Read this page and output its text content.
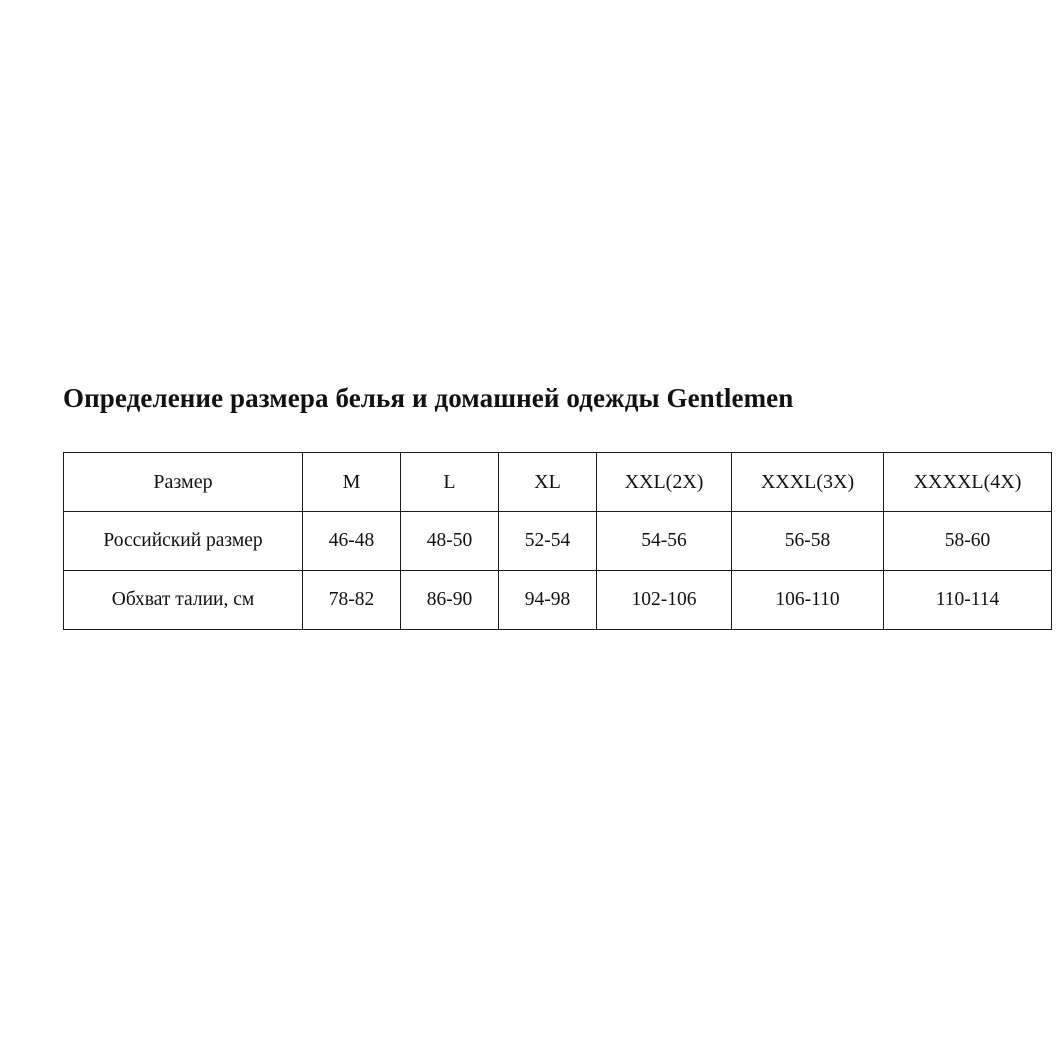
Определение размера белья и домашней одежды Gentlemen
Размер	M	L	XL	XXL(2X)	XXXL(3X)	XXXXL(4X)
Российский размер	46-48	48-50	52-54	54-56	56-58	58-60
Обхват талии, см	78-82	86-90	94-98	102-106	106-110	110-114
